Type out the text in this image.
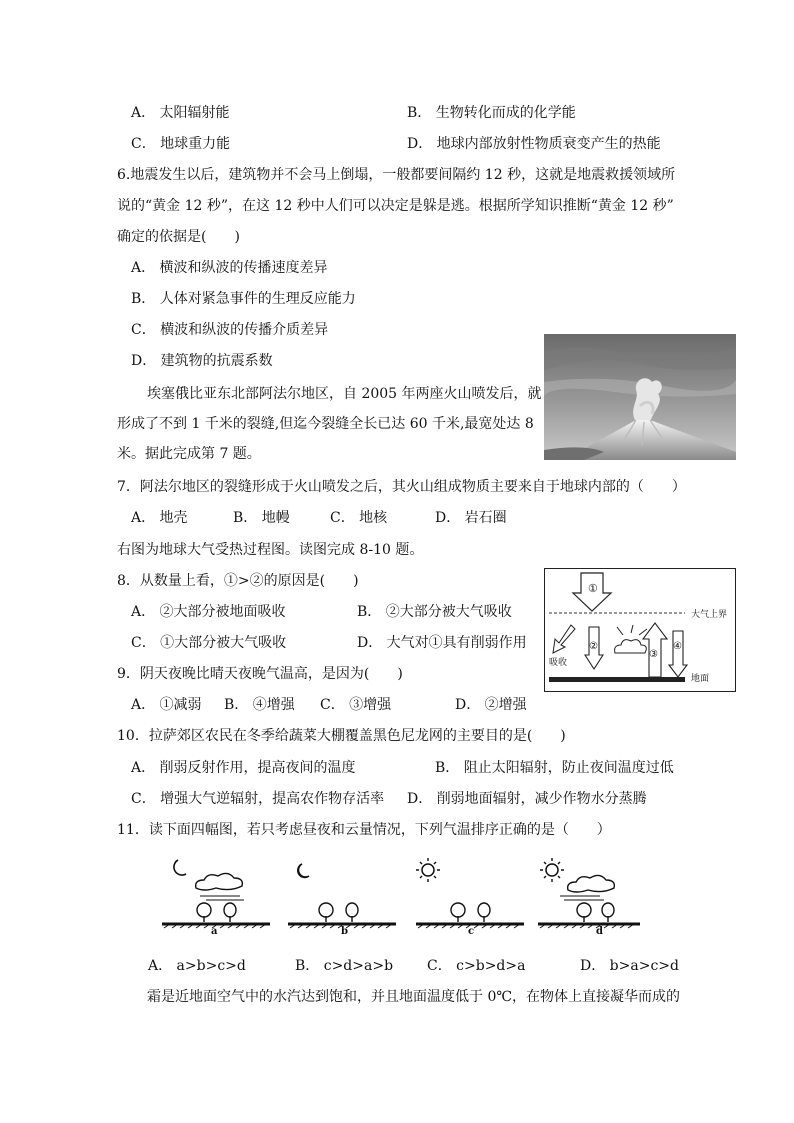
A． 太阳辐射能	B． 生物转化而成的化学能
C． 地球重力能	D． 地球内部放射性物质衰变产生的热能
6.地震发生以后，建筑物并不会马上倒塌，一般都要间隔约 12 秒，这就是地震救援领域所
说的“黄金 12 秒”，在这 12 秒中人们可以决定是躲是逃。根据所学知识推断“黄金 12 秒”
确定的依据是(　　)
A． 横波和纵波的传播速度差异
B． 人体对紧急事件的生理反应能力
C． 横波和纵波的传播介质差异
D． 建筑物的抗震系数
埃塞俄比亚东北部阿法尔地区，自 2005 年两座火山喷发后，就
形成了不到 1 千米的裂缝,但迄今裂缝全长已达 60 千米,最宽处达 8
米。据此完成第 7 题。
7．阿法尔地区的裂缝形成于火山喷发之后，其火山组成物质主要来自于地球内部的（　　）
A． 地壳	B． 地幔	C． 地核	D． 岩石圈
右图为地球大气受热过程图。读图完成 8-10 题。
①
②
③
④
大气上界
地面
吸收
8．从数量上看，①>②的原因是(　　)
A． ②大部分被地面吸收	B． ②大部分被大气吸收
C． ①大部分被大气吸收	D． 大气对①具有削弱作用
9．阴天夜晚比晴天夜晚气温高，是因为(　　)
A． ①减弱 B． ④增强 C． ③增强	D． ②增强
10．拉萨郊区农民在冬季给蔬菜大棚覆盖黑色尼龙网的主要目的是(　　)
A． 削弱反射作用，提高夜间的温度	B． 阻止太阳辐射，防止夜间温度过低
C． 增强大气逆辐射，提高农作物存活率 D． 削弱地面辐射，减少作物水分蒸腾
11．读下面四幅图，若只考虑昼夜和云量情况，下列气温排序正确的是（　　）
a	b	c	d
A． a>b>c>d	B． c>d>a>b C． c>b>d>a	D． b>a>c>d
霜是近地面空气中的水汽达到饱和，并且地面温度低于 0℃，在物体上直接凝华而成的
